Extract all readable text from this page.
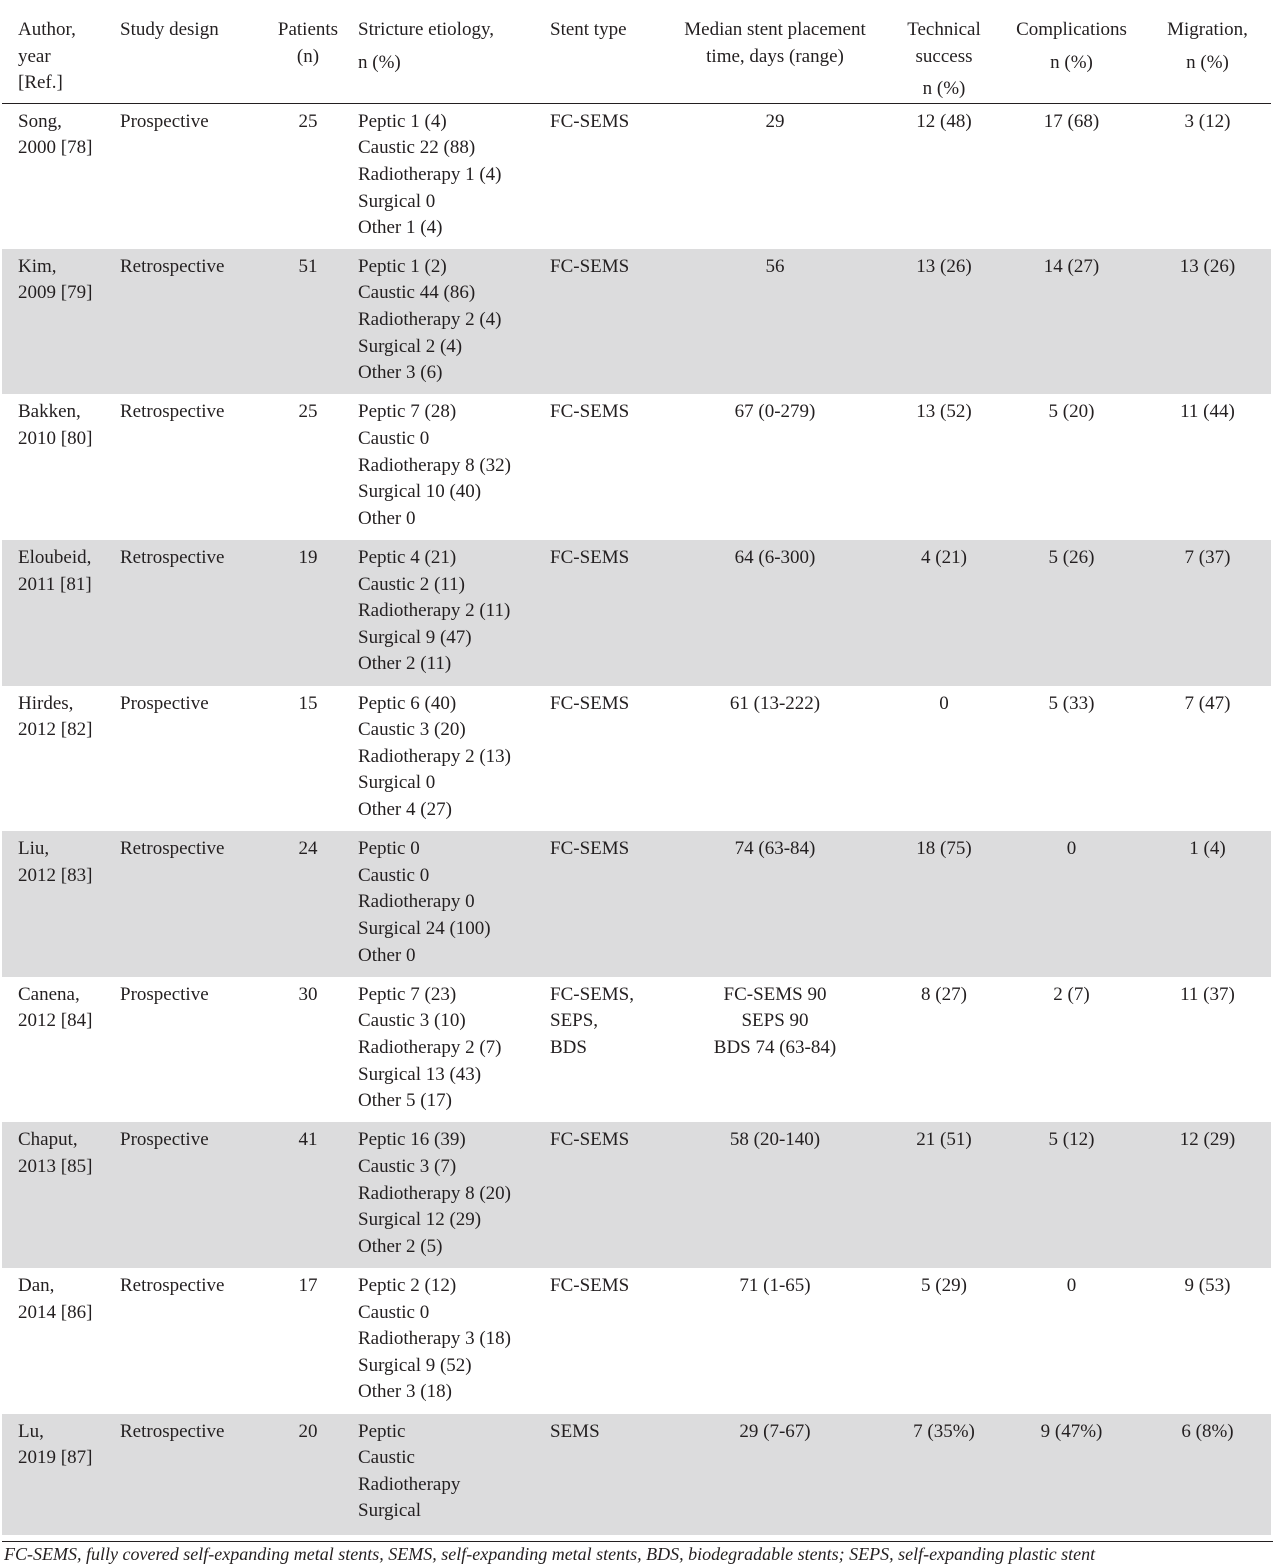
Author,
year
[Ref.]	Study design	Patients
(n)	Stricture etiology,
n (%)	Stent type	Median stent placement
time, days (range)	Technical
success
n (%)	Complications
n (%)	Migration,
n (%)

Song,
2000 [78]	Prospective	25	Peptic 1 (4)
Caustic 22 (88)
Radiotherapy 1 (4)
Surgical 0
Other 1 (4)	FC-SEMS	29	12 (48)	17 (68)	3 (12)

Kim,
2009 [79]	Retrospective	51	Peptic 1 (2)
Caustic 44 (86)
Radiotherapy 2 (4)
Surgical 2 (4)
Other 3 (6)	FC-SEMS	56	13 (26)	14 (27)	13 (26)

Bakken,
2010 [80]	Retrospective	25	Peptic 7 (28)
Caustic 0
Radiotherapy 8 (32)
Surgical 10 (40)
Other 0	FC-SEMS	67 (0-279)	13 (52)	5 (20)	11 (44)

Eloubeid,
2011 [81]	Retrospective	19	Peptic 4 (21)
Caustic 2 (11)
Radiotherapy 2 (11)
Surgical 9 (47)
Other 2 (11)	FC-SEMS	64 (6-300)	4 (21)	5 (26)	7 (37)

Hirdes,
2012 [82]	Prospective	15	Peptic 6 (40)
Caustic 3 (20)
Radiotherapy 2 (13)
Surgical 0
Other 4 (27)	FC-SEMS	61 (13-222)	0	5 (33)	7 (47)

Liu,
2012 [83]	Retrospective	24	Peptic 0
Caustic 0
Radiotherapy 0
Surgical 24 (100)
Other 0	FC-SEMS	74 (63-84)	18 (75)	0	1 (4)

Canena,
2012 [84]	Prospective	30	Peptic 7 (23)
Caustic 3 (10)
Radiotherapy 2 (7)
Surgical 13 (43)
Other 5 (17)	FC-SEMS,
SEPS,
BDS	FC-SEMS 90
SEPS 90
BDS 74 (63-84)	8 (27)	2 (7)	11 (37)

Chaput,
2013 [85]	Prospective	41	Peptic 16 (39)
Caustic 3 (7)
Radiotherapy 8 (20)
Surgical 12 (29)
Other 2 (5)	FC-SEMS	58 (20-140)	21 (51)	5 (12)	12 (29)

Dan,
2014 [86]	Retrospective	17	Peptic 2 (12)
Caustic 0
Radiotherapy 3 (18)
Surgical 9 (52)
Other 3 (18)	FC-SEMS	71 (1-65)	5 (29)	0	9 (53)

Lu,
2019 [87]	Retrospective	20	Peptic
Caustic
Radiotherapy
Surgical	SEMS	29 (7-67)	7 (35%)	9 (47%)	6 (8%)
FC-SEMS, fully covered self-expanding metal stents, SEMS, self-expanding metal stents, BDS, biodegradable stents; SEPS, self-expanding plastic stent
